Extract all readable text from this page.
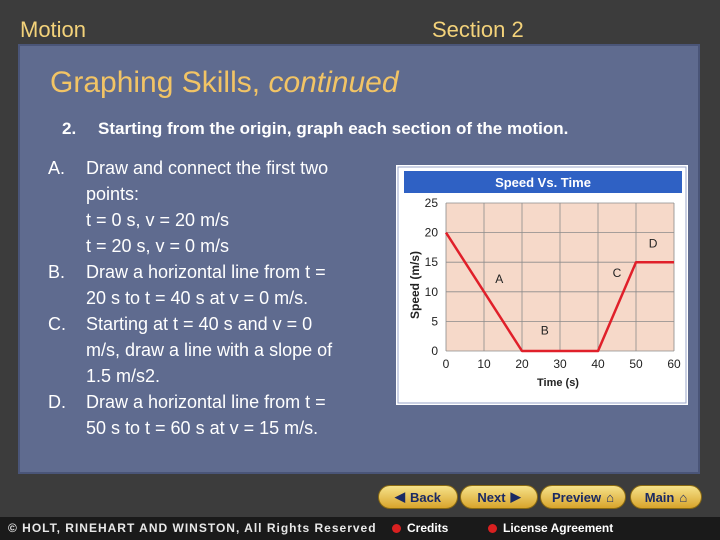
Motion	Section 2
Graphing Skills, continued
2. Starting from the origin, graph each section of the motion.
A. Draw and connect the first two
points:
t = 0 s, v = 20 m/s
t = 20 s, v = 0 m/s
B. Draw a horizontal line from t =
20 s to t = 40 s at v = 0 m/s.
C. Starting at t = 40 s and v = 0
m/s, draw a line with a slope of
1.5 m/s2.
D. Draw a horizontal line from t =
50 s to t = 60 s at v = 15 m/s.
Speed Vs. Time
Speed (m/s)
Time (s)
0 10 20 30 40 50 60
0
5
10
15
20
25
A
B
C
D
◀ Back	Next ▶ Preview ⌂ Main ⌂
© HOLT, RINEHART AND WINSTON, All Rights Reserved	Credits	License Agreement
